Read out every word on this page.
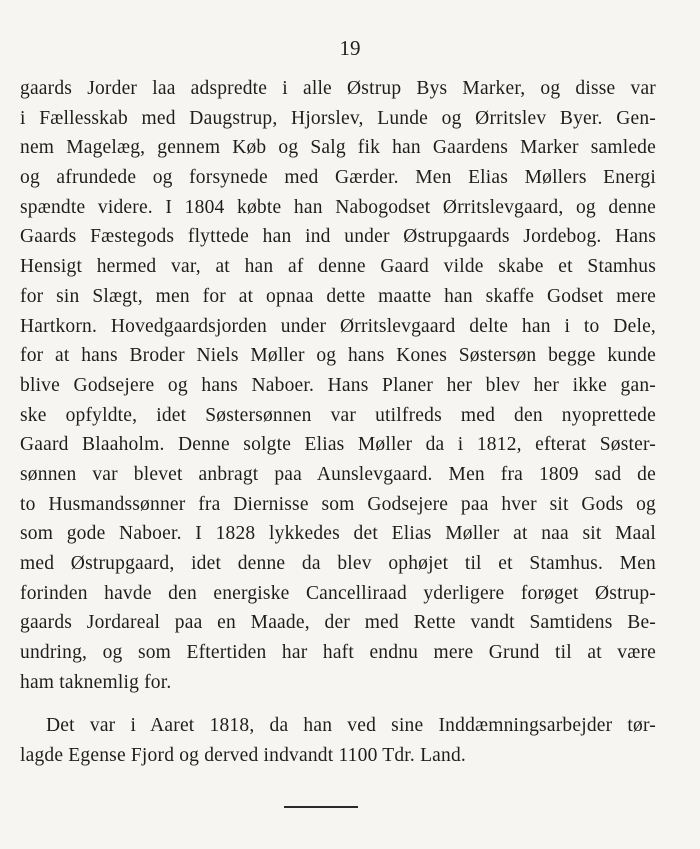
19
gaards Jorder laa adspredte i alle Østrup Bys Marker, og disse var
i Fællesskab med Daugstrup, Hjorslev, Lunde og Ørritslev Byer. Gen-
nem Magelæg, gennem Køb og Salg fik han Gaardens Marker samlede
og afrundede og forsynede med Gærder. Men Elias Møllers Energi
spændte videre. I 1804 købte han Nabogodset Ørritslevgaard, og denne
Gaards Fæstegods flyttede han ind under Østrupgaards Jordebog. Hans
Hensigt hermed var, at han af denne Gaard vilde skabe et Stamhus
for sin Slægt, men for at opnaa dette maatte han skaffe Godset mere
Hartkorn. Hovedgaardsjorden under Ørritslevgaard delte han i to Dele,
for at hans Broder Niels Møller og hans Kones Søstersøn begge kunde
blive Godsejere og hans Naboer. Hans Planer her blev her ikke gan-
ske opfyldte, idet Søstersønnen var utilfreds med den nyoprettede
Gaard Blaaholm. Denne solgte Elias Møller da i 1812, efterat Søster-
sønnen var blevet anbragt paa Aunslevgaard. Men fra 1809 sad de
to Husmandssønner fra Diernisse som Godsejere paa hver sit Gods og
som gode Naboer. I 1828 lykkedes det Elias Møller at naa sit Maal
med Østrupgaard, idet denne da blev ophøjet til et Stamhus. Men
forinden havde den energiske Cancelliraad yderligere forøget Østrup-
gaards Jordareal paa en Maade, der med Rette vandt Samtidens Be-
undring, og som Eftertiden har haft endnu mere Grund til at være
ham taknemlig for.
Det var i Aaret 1818, da han ved sine Inddæmningsarbejder tør-
lagde Egense Fjord og derved indvandt 1100 Tdr. Land.
